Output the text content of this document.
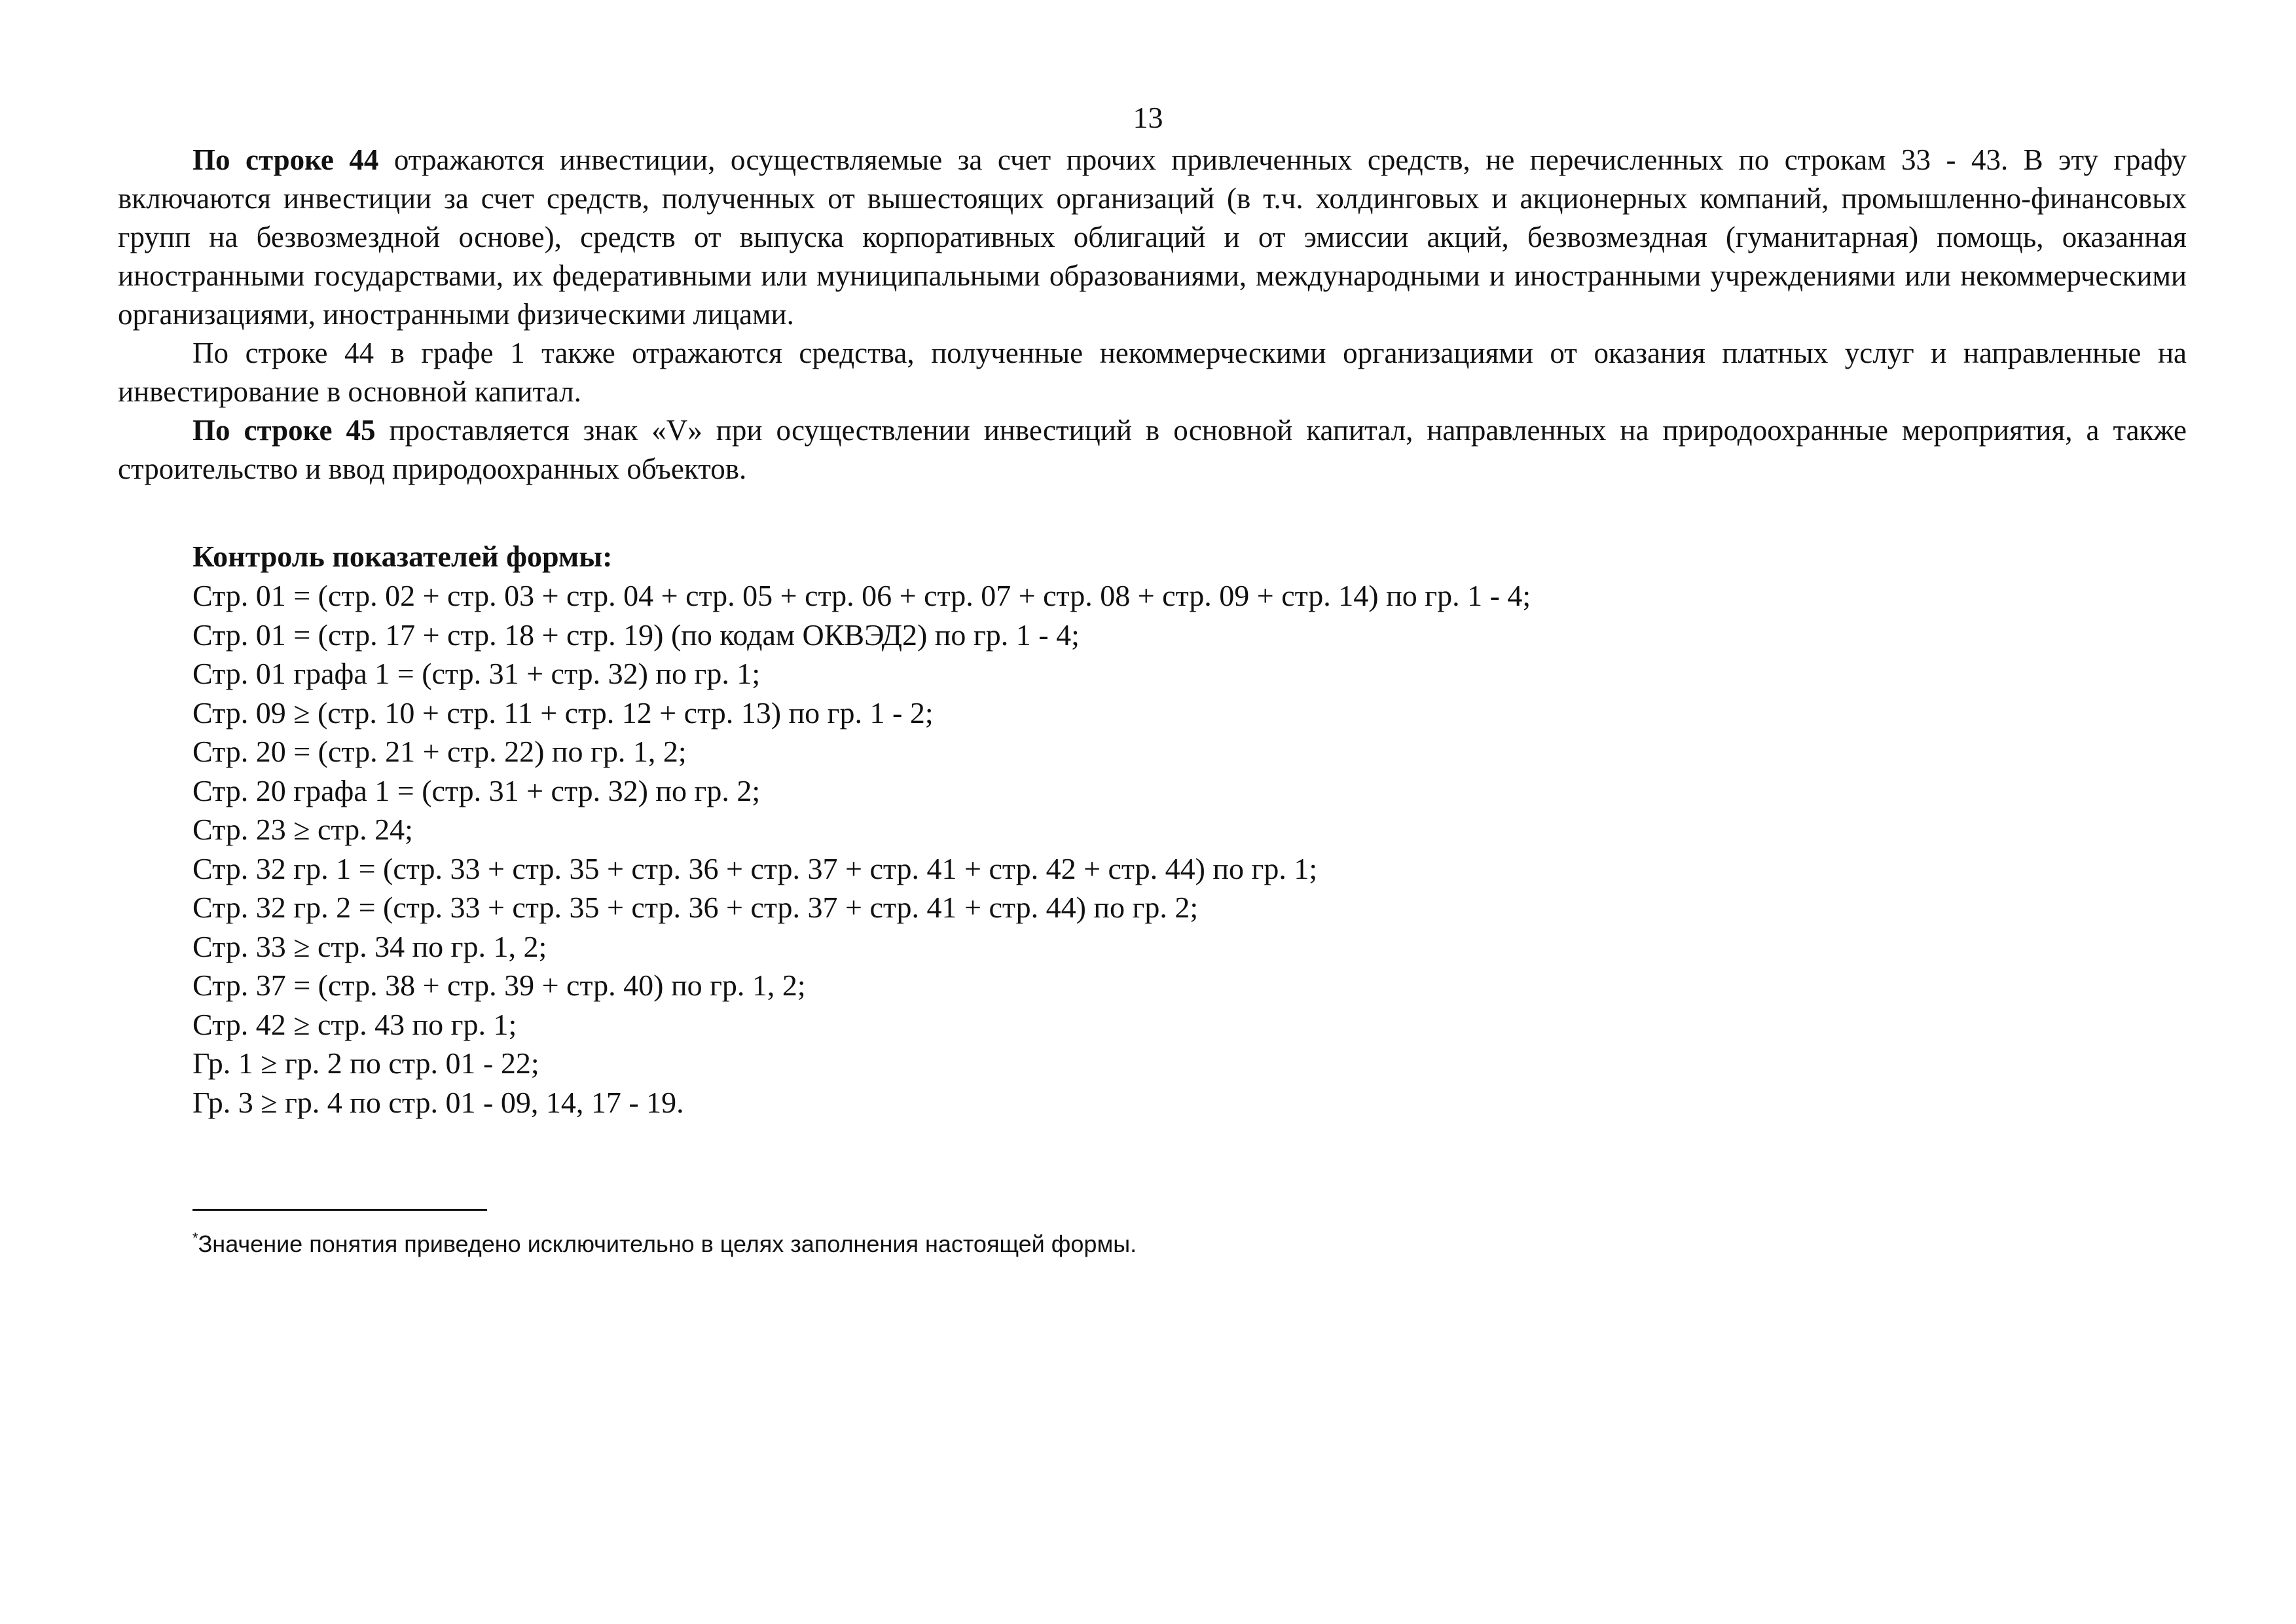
13

По строке 44 отражаются инвестиции, осуществляемые за счет прочих привлеченных средств, не перечисленных по строкам 33 - 43. В эту графу включаются инвестиции за счет средств, полученных от вышестоящих организаций (в т.ч. холдинговых и акционерных компаний, промышленно-финансовых групп на безвозмездной основе), средств от выпуска корпоративных облигаций и от эмиссии акций, безвозмездная (гуманитарная) помощь, оказанная иностранными государствами, их федеративными или муниципальными образованиями, международными и иностранными учреждениями или некоммерческими организациями, иностранными физическими лицами.

По строке 44 в графе 1 также отражаются средства, полученные некоммерческими организациями от оказания платных услуг и направленные на инвестирование в основной капитал.

По строке 45 проставляется знак «V» при осуществлении инвестиций в основной капитал, направленных на природоохранные мероприятия, а также строительство и ввод природоохранных объектов.

Контроль показателей формы:

Стр. 01 = (стр. 02 + стр. 03 + стр. 04 + стр. 05 + стр. 06 + стр. 07 + стр. 08 + стр. 09 + стр. 14) по гр. 1 - 4;

Стр. 01 = (стр. 17 + стр. 18 + стр. 19) (по кодам ОКВЭД2) по гр. 1 - 4;

Стр. 01 графа 1 = (стр. 31 + стр. 32) по гр. 1;

Стр. 09 ≥ (стр. 10 + стр. 11 + стр. 12 + стр. 13) по гр. 1 - 2;

Стр. 20 = (стр. 21 + стр. 22) по гр. 1, 2;

Стр. 20 графа 1 = (стр. 31 + стр. 32) по гр. 2;

Стр. 23 ≥ стр. 24;

Стр. 32 гр. 1 = (стр. 33 + стр. 35 + стр. 36 + стр. 37 + стр. 41 + стр. 42 + стр. 44) по гр. 1;

Стр. 32 гр. 2 = (стр. 33 + стр. 35 + стр. 36 + стр. 37 + стр. 41 + стр. 44) по гр. 2;

Стр. 33 ≥ стр. 34 по гр. 1, 2;

Стр. 37 = (стр. 38 + стр. 39 + стр. 40) по гр. 1, 2;

Стр. 42 ≥ стр. 43 по гр. 1;

Гр. 1 ≥ гр. 2 по стр. 01 - 22;

Гр. 3 ≥ гр. 4 по стр. 01 - 09, 14, 17 - 19.

*Значение понятия приведено исключительно в целях заполнения настоящей формы.
